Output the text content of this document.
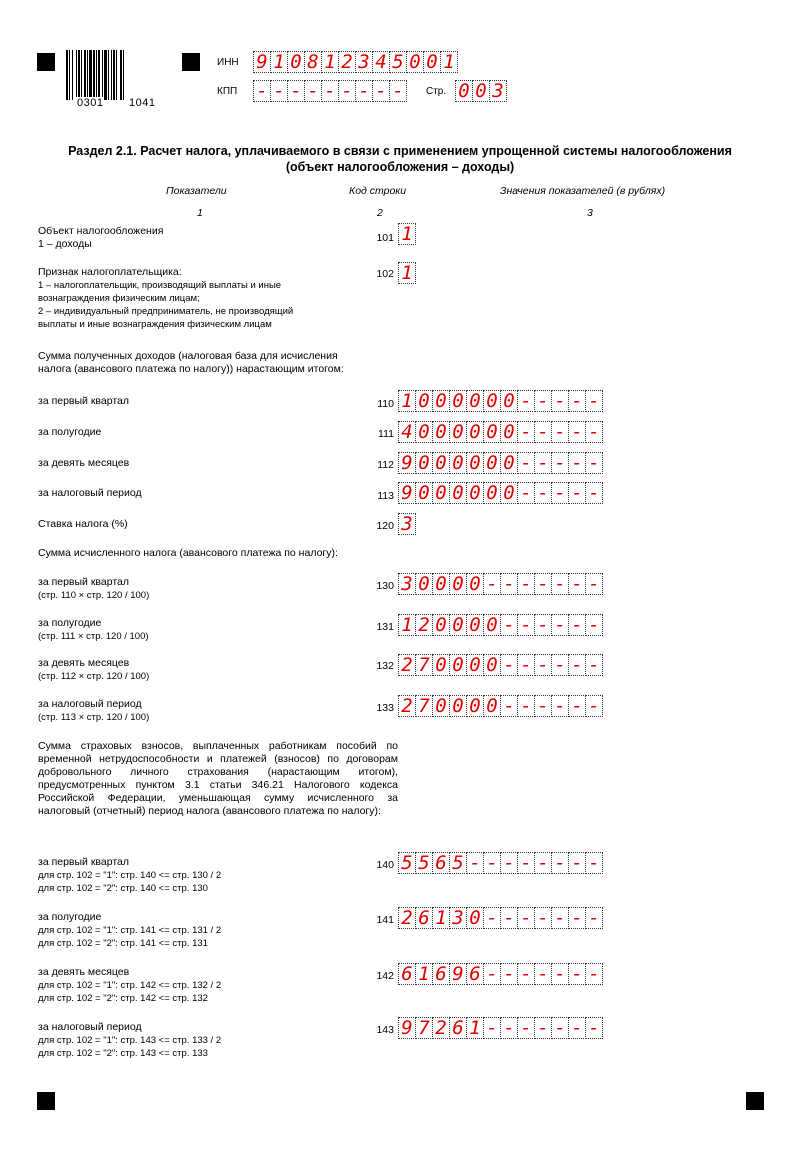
0301 1041
ИНН 9 1 0 8 1 2 3 4 5 0 0 1
КПП - - - - - - - - -	Стр. 0 0 3
Раздел 2.1. Расчет налога, уплачиваемого в связи с применением упрощенной системы налогообложения
(объект налогообложения – доходы)
Показатели	Код строки	Значения показателей (в рублях)
1	2	3
Объект налогообложения
1 – доходы	101 1
Признак налогоплательщика:
1 – налогоплательщик, производящий выплаты и иные
вознаграждения физическим лицам;
2 – индивидуальный предприниматель, не производящий
выплаты и иные вознаграждения физическим лицам
102 1
Сумма полученных доходов (налоговая база для исчисления
налога (авансового платежа по налогу)) нарастающим итогом:
за первый квартал	110 1 0 0 0 0 0 0 - - - - -
за полугодие	111 4 0 0 0 0 0 0 - - - - -
за девять месяцев	112 9 0 0 0 0 0 0 - - - - -
за налоговый период	113 9 0 0 0 0 0 0 - - - - -
Ставка налога (%)	120 3
Сумма исчисленного налога (авансового платежа по налогу):
за первый квартал
(стр. 110 × стр. 120 / 100)
130 3 0 0 0 0 - - - - - - -
за полугодие
(стр. 111 × стр. 120 / 100)
131 1 2 0 0 0 0 - - - - - -
за девять месяцев
(стр. 112 × стр. 120 / 100)
132 2 7 0 0 0 0 - - - - - -
за налоговый период
(стр. 113 × стр. 120 / 100)
133 2 7 0 0 0 0 - - - - - -
Сумма страховых взносов, выплаченных работникам пособий по временной нетрудоспособности и платежей (взносов) по договорам добровольного личного страхования (нарастающим итогом), предусмотренных пунктом 3.1 статьи 346.21 Налогового кодекса Российской Федерации, уменьшающая сумму исчисленного за налоговый (отчетный) период налога (авансового платежа по налогу):
за первый квартал
для стр. 102 = "1": стр. 140 <= стр. 130 / 2
для стр. 102 = "2": стр. 140 <= стр. 130
140 5 5 6 5 - - - - - - - -
за полугодие
для стр. 102 = "1": стр. 141 <= стр. 131 / 2
для стр. 102 = "2": стр. 141 <= стр. 131
141 2 6 1 3 0 - - - - - - -
за девять месяцев
для стр. 102 = "1": стр. 142 <= стр. 132 / 2
для стр. 102 = "2": стр. 142 <= стр. 132
142 6 1 6 9 6 - - - - - - -
за налоговый период
для стр. 102 = "1": стр. 143 <= стр. 133 / 2
для стр. 102 = "2": стр. 143 <= стр. 133
143 9 7 2 6 1 - - - - - - -
